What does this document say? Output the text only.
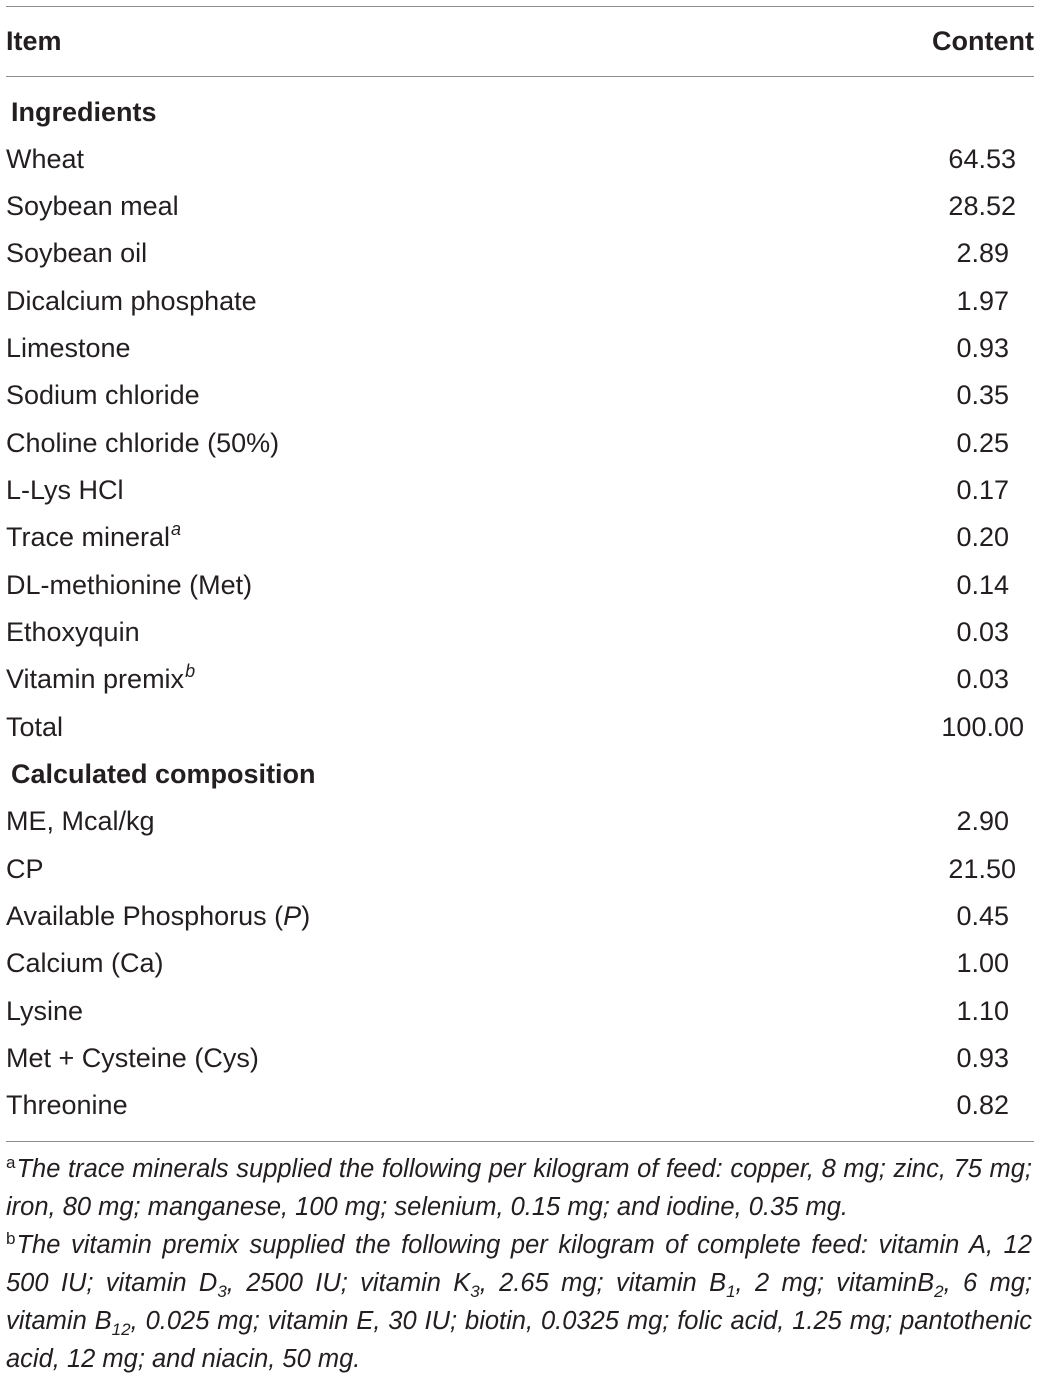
Item	Content
Ingredients
Wheat	64.53
Soybean meal	28.52
Soybean oil	2.89
Dicalcium phosphate	1.97
Limestone	0.93
Sodium chloride	0.35
Choline chloride (50%)	0.25
L-Lys HCl	0.17
Trace mineral$^a$	0.20
DL-methionine (Met)	0.14
Ethoxyquin	0.03
Vitamin premix$^b$	0.03
Total	100.00
Calculated composition
ME, Mcal/kg	2.90
CP	21.50
Available Phosphorus (P)	0.45
Calcium (Ca)	1.00
Lysine	1.10
Met + Cysteine (Cys)	0.93
Threonine	0.82
$^a$The trace minerals supplied the following per kilogram of feed: copper, 8 mg; zinc, 75 mg; iron, 80 mg; manganese, 100 mg; selenium, 0.15 mg; and iodine, 0.35 mg.
$^b$The vitamin premix supplied the following per kilogram of complete feed: vitamin A, 12 500 IU; vitamin $D_3$, 2500 IU; vitamin $K_3$, 2.65 mg; vitamin $B_1$, 2 mg; vitaminB$_2$, 6 mg; vitamin $B_{12}$, 0.025 mg; vitamin E, 30 IU; biotin, 0.0325 mg; folic acid, 1.25 mg; pantothenic acid, 12 mg; and niacin, 50 mg.
